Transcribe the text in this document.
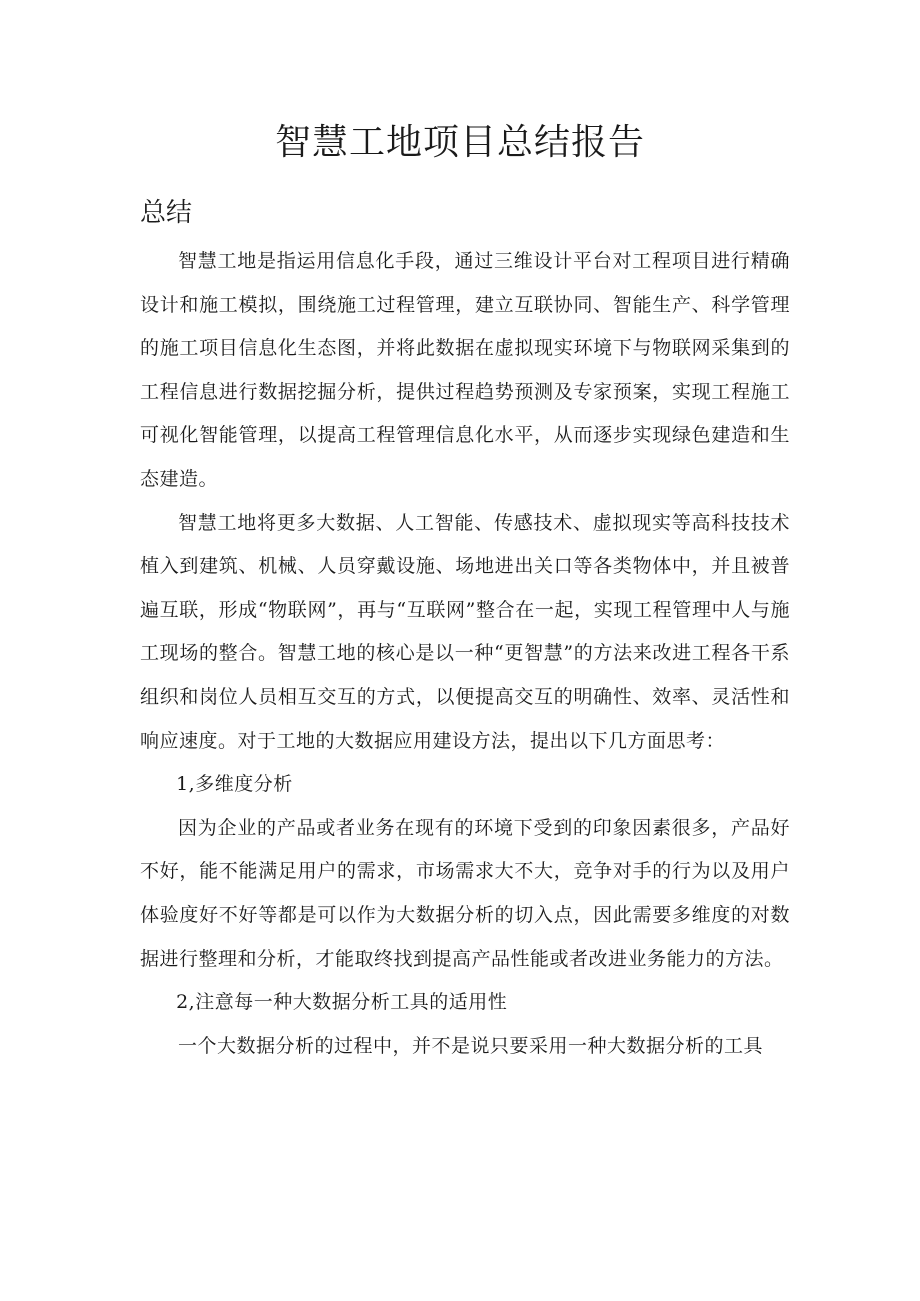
智慧工地项目总结报告
总结

智慧工地是指运用信息化手段，通过三维设计平台对工程项目进行精确设计和施工模拟，围绕施工过程管理，建立互联协同、智能生产、科学管理的施工项目信息化生态图，并将此数据在虚拟现实环境下与物联网采集到的工程信息进行数据挖掘分析，提供过程趋势预测及专家预案，实现工程施工可视化智能管理，以提高工程管理信息化水平，从而逐步实现绿色建造和生态建造。

智慧工地将更多大数据、人工智能、传感技术、虚拟现实等高科技技术植入到建筑、机械、人员穿戴设施、场地进出关口等各类物体中，并且被普遍互联，形成“物联网”，再与“互联网”整合在一起，实现工程管理中人与施工现场的整合。智慧工地的核心是以一种“更智慧”的方法来改进工程各干系组织和岗位人员相互交互的方式，以便提高交互的明确性、效率、灵活性和响应速度。对于工地的大数据应用建设方法，提出以下几方面思考：

1,多维度分析

因为企业的产品或者业务在现有的环境下受到的印象因素很多，产品好不好，能不能满足用户的需求，市场需求大不大，竞争对手的行为以及用户体验度好不好等都是可以作为大数据分析的切入点，因此需要多维度的对数据进行整理和分析，才能取终找到提高产品性能或者改进业务能力的方法。

2,注意每一种大数据分析工具的适用性

一个大数据分析的过程中，并不是说只要采用一种大数据分析的工具
